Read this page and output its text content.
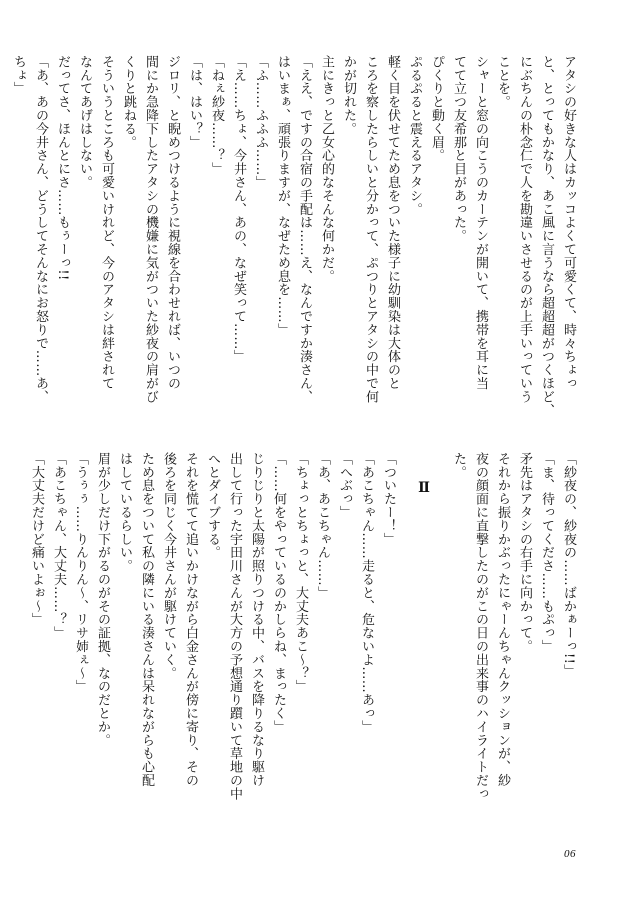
アタシの好きな人はカッコよくて可愛くて、時々ちょっ
と、とってもかなり、あこ風に言うなら超超超がつくほど、
にぶちんの朴念仁で人を勘違いさせるのが上手いっていう
ことを。
シャーと窓の向こうのカーテンが開いて、携帯を耳に当
てて立つ友希那と目があった。
ぴくりと動く眉。
ぷるぷると震えるアタシ。
軽く目を伏せてため息をついた様子に幼馴染は大体のと
ころを察したらしいと分かって、ぷつりとアタシの中で何
かが切れた。
主にきっと乙女心的なそんな何かだ。
「ええ、ですの合宿の手配は……え、なんですか湊さん、
はいまぁ、頑張りますが、なぜため息を……」
「ふ……ふふふ……」
「え……ちょ、今井さん、あの、なぜ笑って……」
「ねぇ紗夜……？」
「は、はい？」
ジロリ、と睨めつけるように視線を合わせれば、いつの
間にか急降下したアタシの機嫌に気がついた紗夜の肩がび
くりと跳ねる。
そういうところも可愛いけれど、今のアタシは絆されて
なんてあげはしない。
だってさ、ほんとにさ……もぅーっ!!
「あ、あの今井さん、どうしてそんなにお怒りで……あ、
ちょ」
「紗夜の、紗夜の……ばかぁーっ!!」
「ま、待ってくださ……もぷっ」
矛先はアタシの右手に向かって。
それから振りかぶったにゃーんちゃんクッションが、紗
夜の顔面に直撃したのがこの日の出来事のハイライトだっ
た。
Ⅱ
「ついたー！」
「あこちゃん……走ると、危ないよ……あっ」
「へぶっ」
「あ、あこちゃん……」
「ちょっとちょっと、大丈夫あこ～？」
「……何をやっているのかしらね、まったく」
じりじりと太陽が照りつける中、バスを降りるなり駆け
出して行った宇田川さんが大方の予想通り躓いて草地の中
へとダイブする。
それを慌てて追いかけながら白金さんが傍に寄り、その
後ろを同じく今井さんが駆けていく。
ため息をついて私の隣にいる湊さんは呆れながらも心配
はしているらしい。
眉が少しだけ下がるのがその証拠、なのだとか。
「うぅぅ……りんりん～、リサ姉ぇ～」
「あこちゃん、大丈夫……？」
「大丈夫だけど痛いよぉ～」
06
